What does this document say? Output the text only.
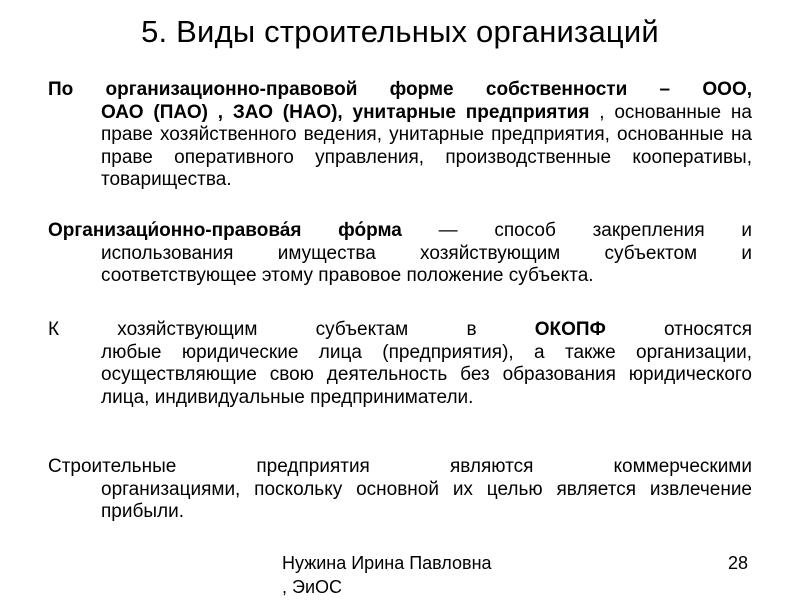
5. Виды строительных организаций
По организационно-правовой форме собственности – ООО,
ОАО (ПАО) , ЗАО (НАО), унитарные предприятия , основанные на праве хозяйственного ведения, унитарные предприятия, основанные на праве оперативного управления, производственные кооперативы, товарищества.
Организаци́онно-правова́я фо́рма — способ закрепления и
использования имущества хозяйствующим субъектом и соответствующее этому правовое положение субъекта.
К хозяйствующим субъектам в ОКОПФ относятся
любые юридические лица (предприятия), а также организации, осуществляющие свою деятельность без образования юридического лица, индивидуальные предприниматели.
Строительные предприятия являются коммерческими
организациями, поскольку основной их целью является извлечение прибыли.
Нужина Ирина Павловна
, ЭиОС
28
